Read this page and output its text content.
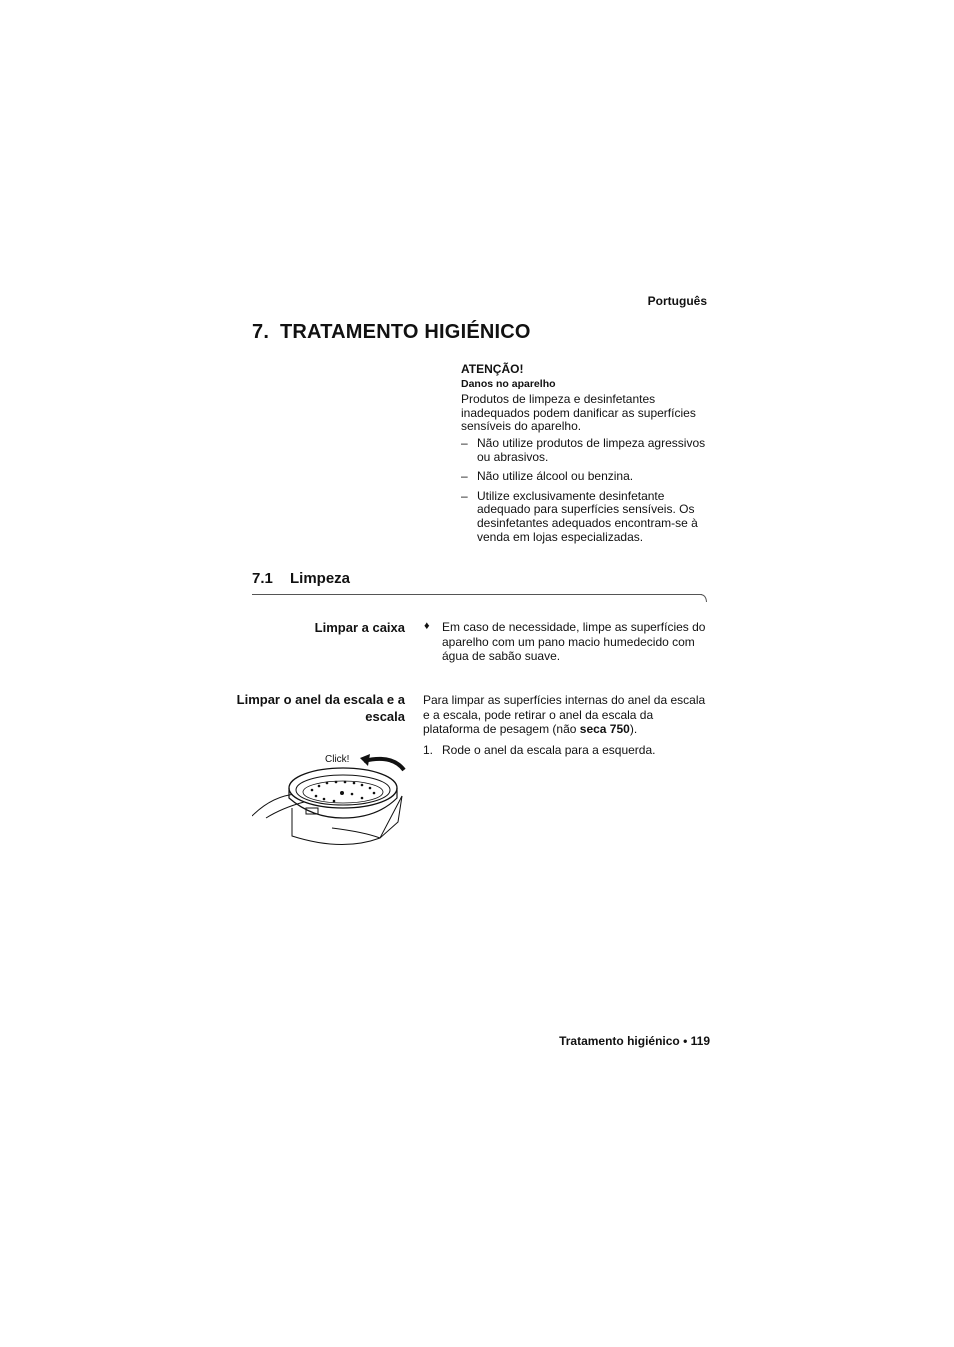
Português
7. TRATAMENTO HIGIÉNICO
ATENÇÃO!
Danos no aparelho
Produtos de limpeza e desinfetantes inadequados podem danificar as superfícies sensíveis do aparelho.
– Não utilize produtos de limpeza agressivos ou abrasivos.
– Não utilize álcool ou benzina.
– Utilize exclusivamente desinfetante adequado para superfícies sensíveis. Os desinfetantes adequados encontram-se à venda em lojas especializadas.
7.1 Limpeza
Limpar a caixa ♦ Em caso de necessidade, limpe as superfícies do aparelho com um pano macio humedecido com água de sabão suave.
Limpar o anel da escala e a escala
Para limpar as superfícies internas do anel da escala e a escala, pode retirar o anel da escala da plataforma de pesagem (não seca 750).
1. Rode o anel da escala para a esquerda.
Click!
Tratamento higiénico • 119
